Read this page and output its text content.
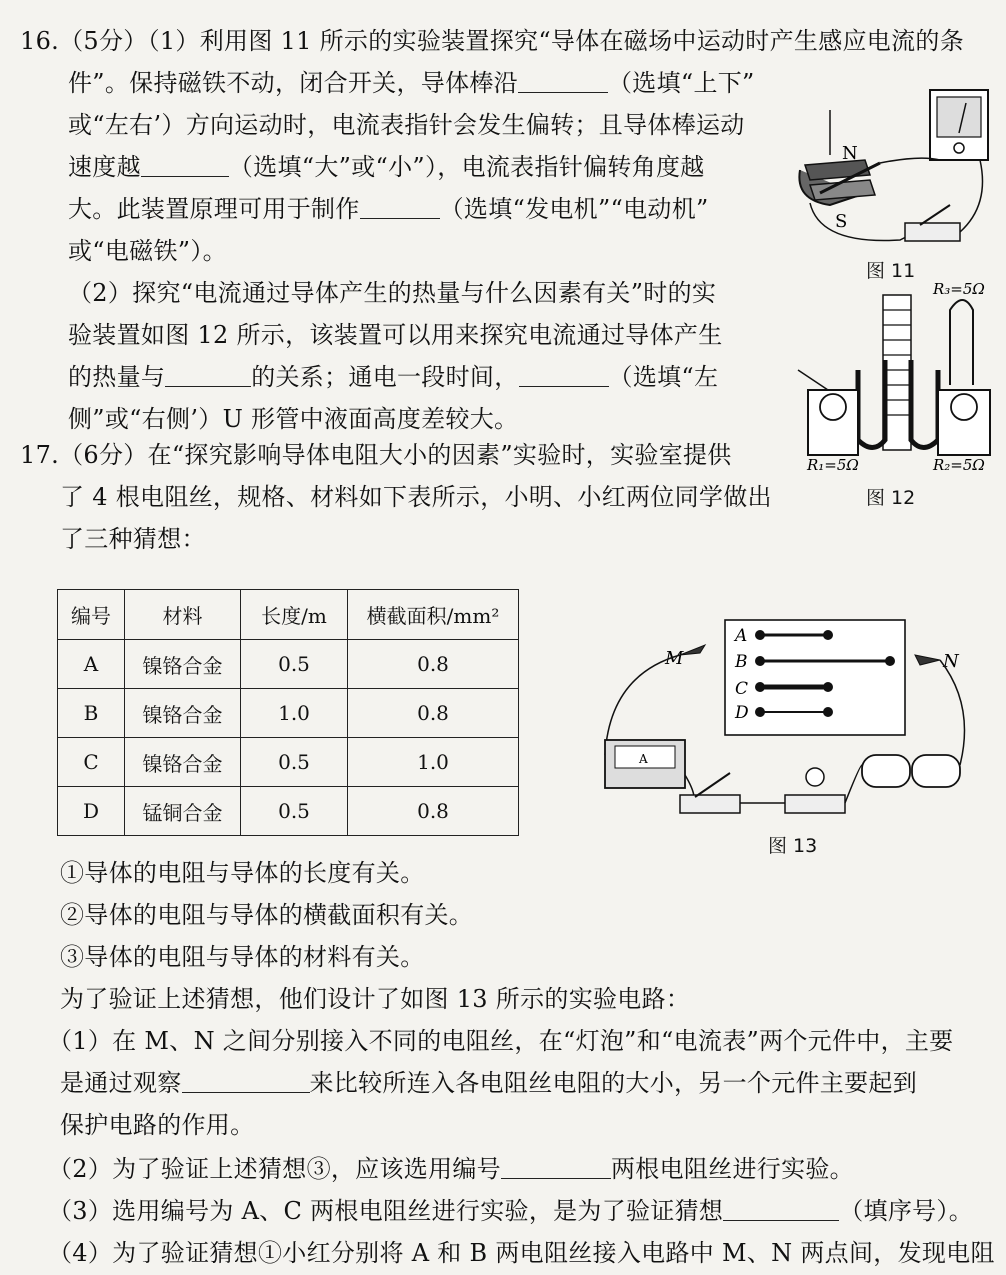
16.（5分）（1）利用图 11 所示的实验装置探究“导体在磁场中运动时产生感应电流的条
件”。保持磁铁不动，闭合开关，导体棒沿	（选填“上下”
或“左右’）方向运动时，电流表指针会发生偏转；且导体棒运动
速度越	（选填“大”或“小”），电流表指针偏转角度越
大。此装置原理可用于制作	（选填“发电机”“电动机”
或“电磁铁”）。
（2）探究“电流通过导体产生的热量与什么因素有关”时的实
验装置如图 12 所示，该装置可以用来探究电流通过导体产生
的热量与	的关系；通电一段时间，	（选填“左
侧”或“右侧’）U 形管中液面高度差较大。
N
S
图 11
R₃=5Ω
R₁=5Ω	R₂=5Ω
图 12
17.（6分）在“探究影响导体电阻大小的因素”实验时，实验室提供
了 4 根电阻丝，规格、材料如下表所示，小明、小红两位同学做出
了三种猜想：
编号	材料	长度/m	横截面积/mm²
A	镍铬合金	0.5	0.8
B	镍铬合金	1.0	0.8
C	镍铬合金	0.5	1.0
D	锰铜合金	0.5	0.8
A
B
C
D
M	N
A
图 13
①导体的电阻与导体的长度有关。
②导体的电阻与导体的横截面积有关。
③导体的电阻与导体的材料有关。
为了验证上述猜想，他们设计了如图 13 所示的实验电路：
（1）在 M、N 之间分别接入不同的电阻丝，在“灯泡”和“电流表”两个元件中，主要
是通过观察	来比较所连入各电阻丝电阻的大小，另一个元件主要起到
保护电路的作用。
（2）为了验证上述猜想③，应该选用编号	两根电阻丝进行实验。
（3）选用编号为 A、C 两根电阻丝进行实验，是为了验证猜想	（填序号）。
（4）为了验证猜想①小红分别将 A 和 B 两电阻丝接入电路中 M、N 两点间，发现电阻
